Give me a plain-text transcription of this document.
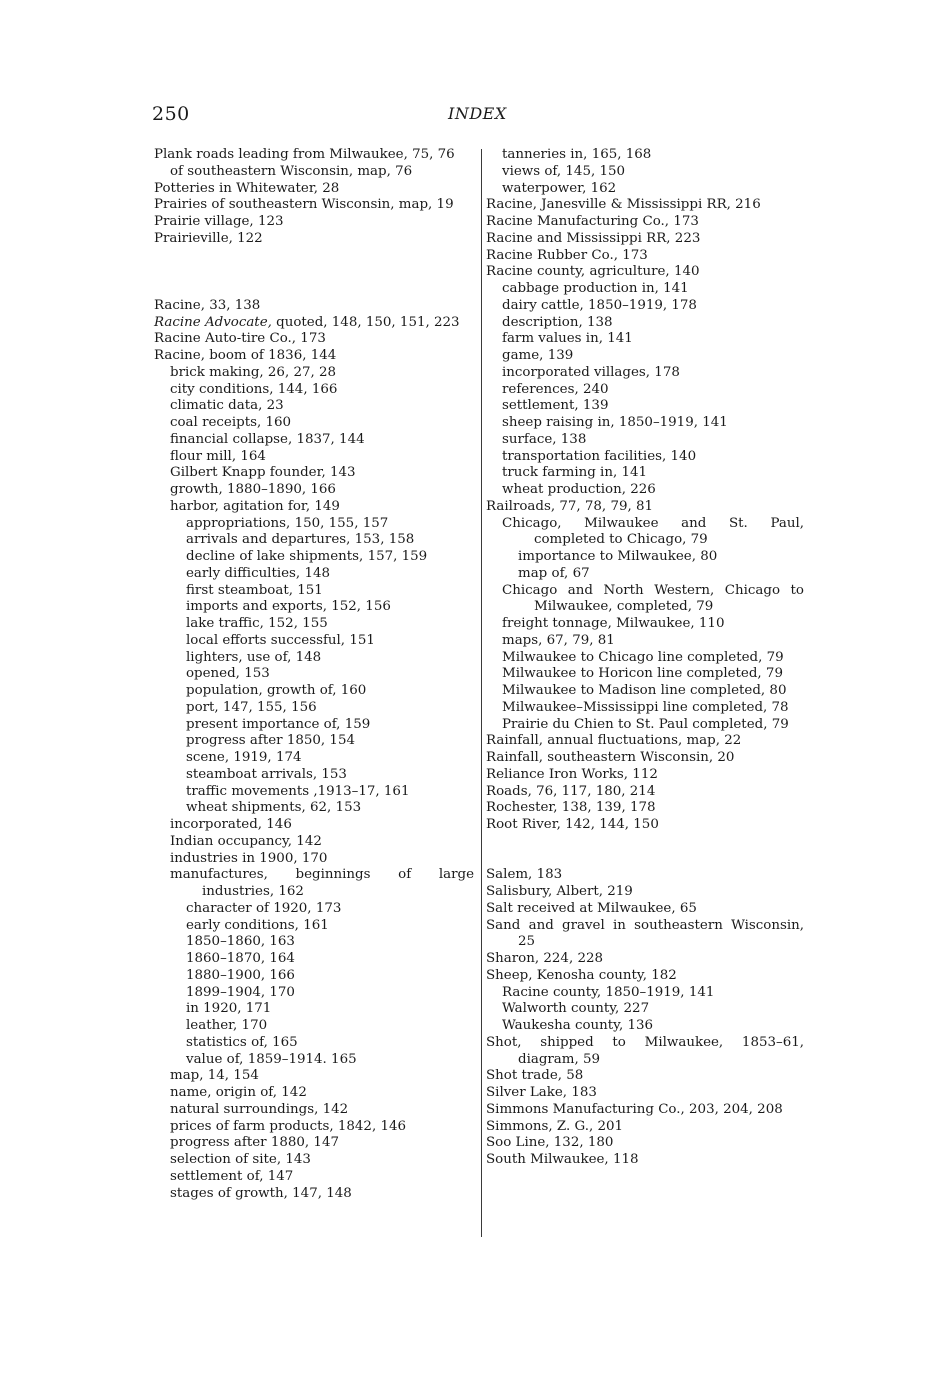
250	INDEX
Plank roads leading from Milwaukee, 75, 76
of southeastern Wisconsin, map, 76
Potteries in Whitewater, 28
Prairies of southeastern Wisconsin, map, 19
Prairie village, 123
Prairieville, 122
Racine, 33, 138
Racine Advocate, quoted, 148, 150, 151, 223
Racine Auto-tire Co., 173
Racine, boom of 1836, 144
brick making, 26, 27, 28
city conditions, 144, 166
climatic data, 23
coal receipts, 160
financial collapse, 1837, 144
flour mill, 164
Gilbert Knapp founder, 143
growth, 1880–1890, 166
harbor, agitation for, 149
appropriations, 150, 155, 157
arrivals and departures, 153, 158
decline of lake shipments, 157, 159
early difficulties, 148
first steamboat, 151
imports and exports, 152, 156
lake traffic, 152, 155
local efforts successful, 151
lighters, use of, 148
opened, 153
population, growth of, 160
port, 147, 155, 156
present importance of, 159
progress after 1850, 154
scene, 1919, 174
steamboat arrivals, 153
traffic movements ,1913–17, 161
wheat shipments, 62, 153
incorporated, 146
Indian occupancy, 142
industries in 1900, 170
manufactures, beginnings of large industries, 162
character of 1920, 173
early conditions, 161
1850–1860, 163
1860–1870, 164
1880–1900, 166
1899–1904, 170
in 1920, 171
leather, 170
statistics of, 165
value of, 1859–1914. 165
map, 14, 154
name, origin of, 142
natural surroundings, 142
prices of farm products, 1842, 146
progress after 1880, 147
selection of site, 143
settlement of, 147
stages of growth, 147, 148
tanneries in, 165, 168
views of, 145, 150
waterpower, 162
Racine, Janesville & Mississippi RR, 216
Racine Manufacturing Co., 173
Racine and Mississippi RR, 223
Racine Rubber Co., 173
Racine county, agriculture, 140
cabbage production in, 141
dairy cattle, 1850–1919, 178
description, 138
farm values in, 141
game, 139
incorporated villages, 178
references, 240
settlement, 139
sheep raising in, 1850–1919, 141
surface, 138
transportation facilities, 140
truck farming in, 141
wheat production, 226
Railroads, 77, 78, 79, 81
Chicago, Milwaukee and St. Paul, completed to Chicago, 79
importance to Milwaukee, 80
map of, 67
Chicago and North Western, Chicago to Milwaukee, completed, 79
freight tonnage, Milwaukee, 110
maps, 67, 79, 81
Milwaukee to Chicago line completed, 79
Milwaukee to Horicon line completed, 79
Milwaukee to Madison line completed, 80
Milwaukee–Mississippi line completed, 78
Prairie du Chien to St. Paul completed, 79
Rainfall, annual fluctuations, map, 22
Rainfall, southeastern Wisconsin, 20
Reliance Iron Works, 112
Roads, 76, 117, 180, 214
Rochester, 138, 139, 178
Root River, 142, 144, 150
Salem, 183
Salisbury, Albert, 219
Salt received at Milwaukee, 65
Sand and gravel in southeastern Wisconsin, 25
Sharon, 224, 228
Sheep, Kenosha county, 182
Racine county, 1850–1919, 141
Walworth county, 227
Waukesha county, 136
Shot, shipped to Milwaukee, 1853–61, diagram, 59
Shot trade, 58
Silver Lake, 183
Simmons Manufacturing Co., 203, 204, 208
Simmons, Z. G., 201
Soo Line, 132, 180
South Milwaukee, 118
